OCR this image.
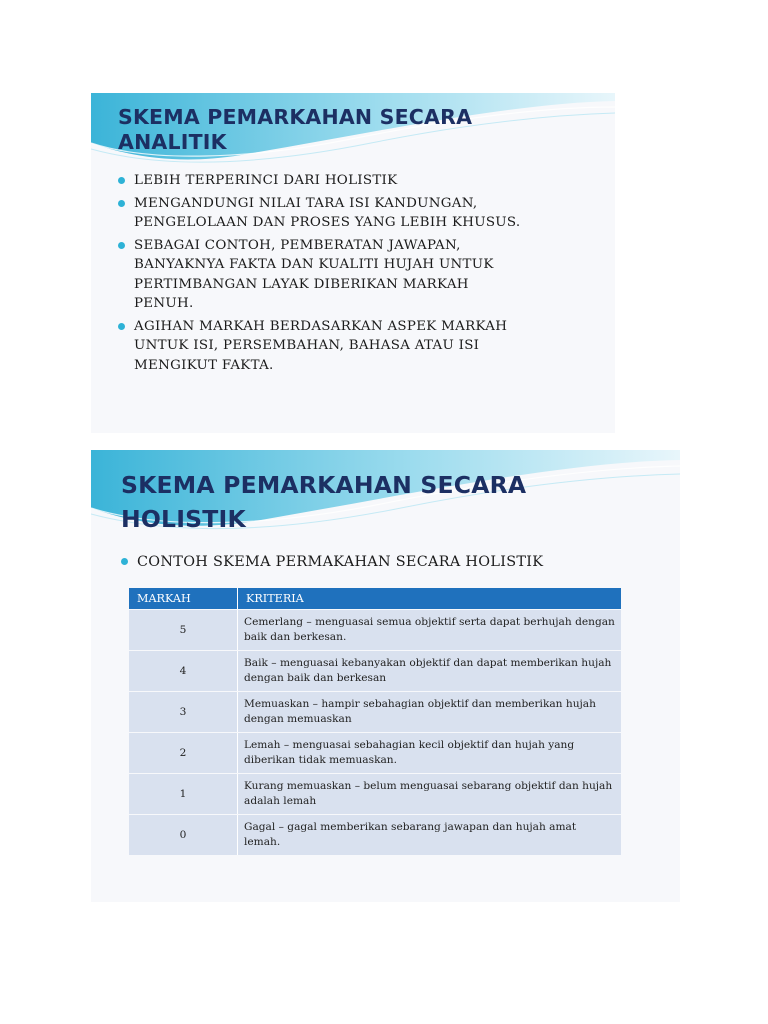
SKEMA PEMARKAHAN SECARA ANALITIK
LEBIH TERPERINCI DARI HOLISTIK
MENGANDUNGI NILAI TARA ISI KANDUNGAN, PENGELOLAAN DAN PROSES YANG LEBIH KHUSUS.
SEBAGAI CONTOH, PEMBERATAN JAWAPAN, BANYAKNYA FAKTA DAN KUALITI HUJAH UNTUK PERTIMBANGAN LAYAK DIBERIKAN MARKAH PENUH.
AGIHAN MARKAH BERDASARKAN ASPEK MARKAH UNTUK ISI, PERSEMBAHAN, BAHASA ATAU ISI MENGIKUT FAKTA.
SKEMA PEMARKAHAN SECARA HOLISTIK
CONTOH SKEMA PERMAKAHAN SECARA HOLISTIK
MARKAH	KRITERIA
5	Cemerlang – menguasai semua objektif serta dapat berhujah dengan baik dan berkesan.
4	Baik – menguasai kebanyakan objektif dan dapat memberikan hujah dengan baik dan berkesan
3	Memuaskan – hampir sebahagian objektif dan memberikan hujah dengan memuaskan
2	Lemah – menguasai sebahagian kecil objektif dan hujah yang diberikan tidak memuaskan.
1	Kurang memuaskan – belum menguasai sebarang objektif dan hujah adalah lemah
0	Gagal – gagal memberikan sebarang jawapan dan hujah amat lemah.
